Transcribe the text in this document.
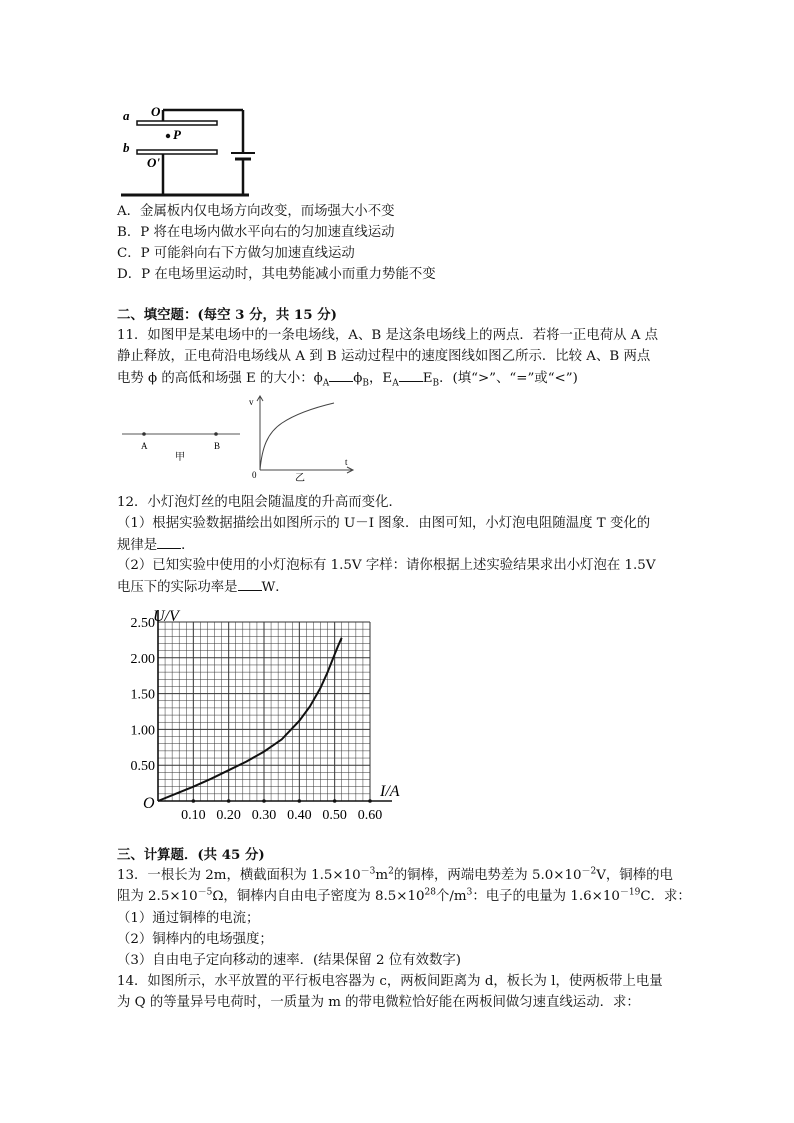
a O
P
b
O'
A．金属板内仅电场方向改变，而场强大小不变
B．P 将在电场内做水平向右的匀加速直线运动
C．P 可能斜向右下方做匀加速直线运动
D．P 在电场里运动时，其电势能减小而重力势能不变
二、填空题：(每空 3 分，共 15 分)
11．如图甲是某电场中的一条电场线，A、B 是这条电场线上的两点．若将一正电荷从 A 点
静止释放，正电荷沿电场线从 A 到 B 运动过程中的速度图线如图乙所示．比较 A、B 两点
电势 ϕ 的高低和场强 E 的大小：$\phi_A$ $\phi_B$，$E_A$ $E_B$．(填“>”、“=”或“<”)
A	B
甲
v
t
0	乙
12．小灯泡灯丝的电阻会随温度的升高而变化．
（1）根据实验数据描绘出如图所示的 U－I 图象．由图可知，小灯泡电阻随温度 T 变化的
规律是 ．
（2）已知实验中使用的小灯泡标有 1.5V 字样：请你根据上述实验结果求出小灯泡在 1.5V
电压下的实际功率是 W．
0.10 0.20 0.30 0.40 0.50 0.60
0.50
1.00
1.50
2.00
2.50
U/V
I/A
O
三、计算题．(共 45 分)
13．一根长为 2m，横截面积为 $1.5\times 10^{-3}m^2$的铜棒，两端电势差为 $5.0\times 10^{-2}V$，铜棒的电
阻为 $2.5\times 10^{-5}\Omega$，铜棒内自由电子密度为 $8.5\times 10^{28}$个$/m^3$：电子的电量为 $1.6\times 10^{-19}C$．求：
（1）通过铜棒的电流；
（2）铜棒内的电场强度；
（3）自由电子定向移动的速率．(结果保留 2 位有效数字)
14．如图所示，水平放置的平行板电容器为 c，两板间距离为 d，板长为 l，使两板带上电量
为 Q 的等量异号电荷时，一质量为 m 的带电微粒恰好能在两板间做匀速直线运动．求：
